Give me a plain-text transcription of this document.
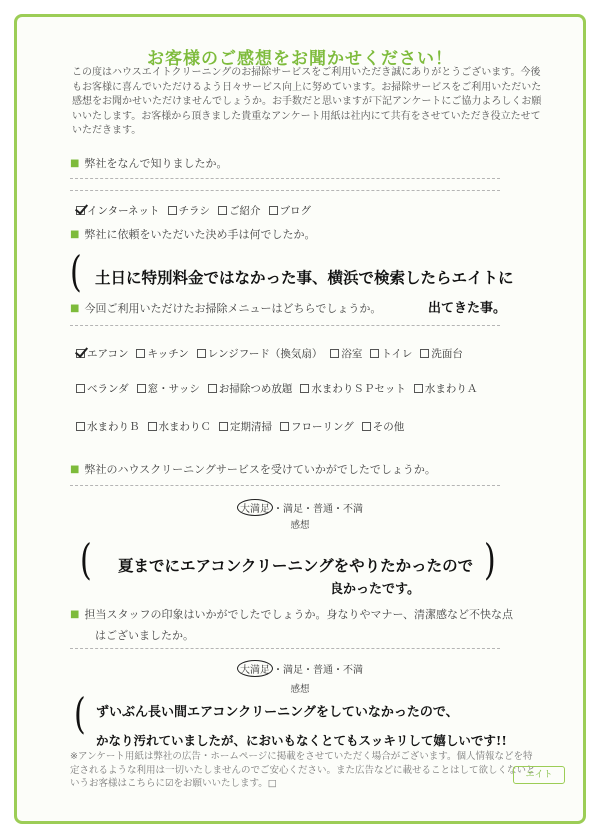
お客様のご感想をお聞かせください！

この度はハウスエイトクリーニングのお掃除サービスをご利用いただき誠にありがとうございます。今後もお客様に喜んでいただけるよう日々サービス向上に努めています。お掃除サービスをご利用いただいた感想をお聞かせいただけませんでしょうか。お手数だと思いますが下記アンケートにご協力よろしくお願いいたします。お客様から頂きました貴重なアンケート用紙は社内にて共有をさせていただき役立たせていただきます。

■ 弊社をなんで知りましたか。
インターネット チラシ ご紹介 ブログ
■ 弊社に依頼をいただいた決め手は何でしたか。
( 土日に特別料金ではなかった事、横浜で検索したらエイトに
出てきた事。
■ 今回ご利用いただけたお掃除メニューはどちらでしょうか。
エアコン キッチン レンジフード（換気扇） 浴室 トイレ 洗面台
ベランダ 窓・サッシ お掃除つめ放題 水まわりＳＰセット 水まわりＡ
水まわりＢ 水まわりＣ 定期清掃 フローリング その他
■ 弊社のハウスクリーニングサービスを受けていかがでしたでしょうか。
大満足 ・満足・普通・不満
感想
( 夏までにエアコンクリーニングをやりたかったので
良かったです。
)
■ 担当スタッフの印象はいかがでしたでしょうか。身なりやマナー、清潔感など不快な点
はございましたか。
大満足 ・満足・普通・不満
感想
( ずいぶん長い間エアコンクリーニングをしていなかったので、
かなり汚れていましたが、においもなくとてもスッキリして嬉しいです!!

※アンケート用紙は弊社の広告・ホームページに掲載をさせていただく場合がございます。個人情報などを特定されるような利用は一切いたしませんのでご安心ください。また広告などに載せることはして欲しくないというお客様はこちらに☑をお願いいたします。□

エイト
